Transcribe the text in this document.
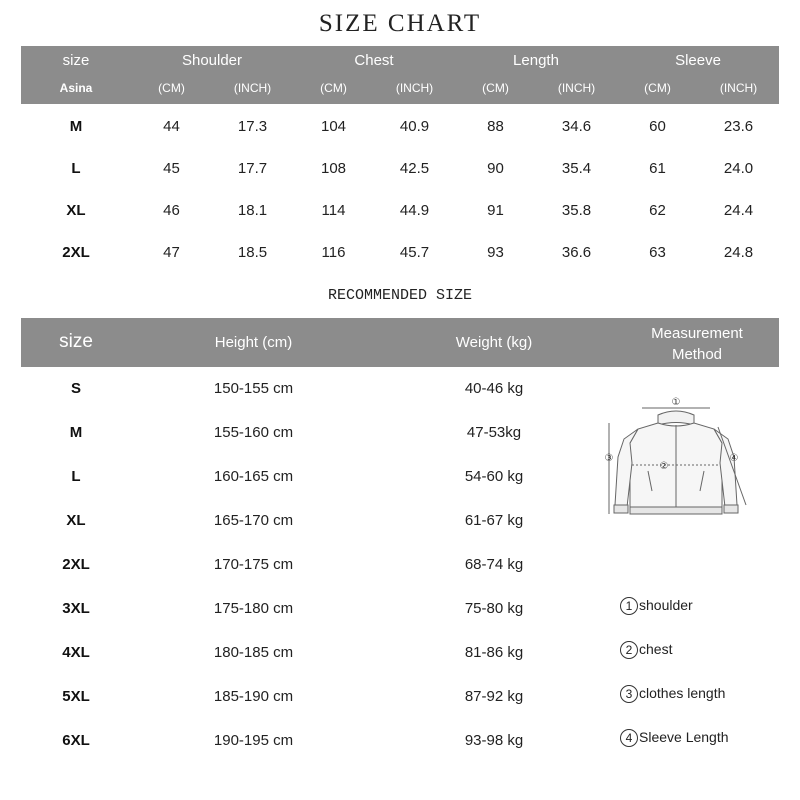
SIZE CHART
size	Shoulder	Chest	Length	Sleeve
Asina	(CM)	(INCH)	(CM)	(INCH)	(CM)	(INCH)	(CM)	(INCH)
M	44	17.3	104	40.9	88	34.6	60	23.6
L	45	17.7	108	42.5	90	35.4	61	24.0
XL	46	18.1	114	44.9	91	35.8	62	24.4
2XL	47	18.5	116	45.7	93	36.6	63	24.8
RECOMMENDED SIZE
size	Height (cm)	Weight (kg)
Measurement
Method
S	150-155 cm	40-46 kg
M	155-160 cm	47-53kg
L	160-165 cm	54-60 kg
XL	165-170 cm	61-67 kg
2XL	170-175 cm	68-74 kg
3XL	175-180 cm	75-80 kg
4XL	180-185 cm	81-86 kg
5XL	185-190 cm	87-92 kg
6XL	190-195 cm	93-98 kg
①
②
③	④
1 shoulder
2 chest
3 clothes length
4 Sleeve Length
